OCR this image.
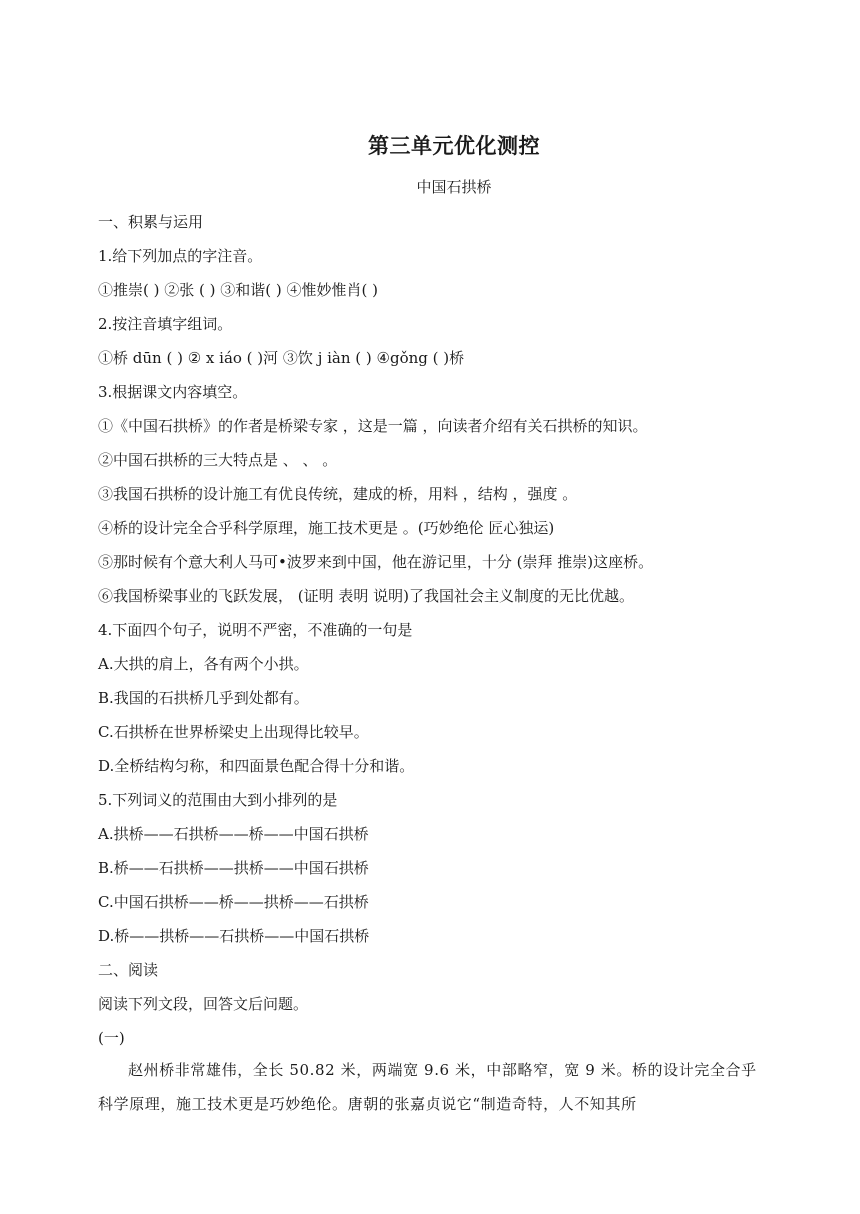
第三单元优化测控

中国石拱桥

一、积累与运用

1.给下列加点的字注音。

①推崇( ) ②张 ( ) ③和谐( ) ④惟妙惟肖( )

2.按注音填字组词。

①桥 dūn ( ) ② x iáo ( )河 ③饮 j iàn ( ) ④gǒng ( )桥

3.根据课文内容填空。

①《中国石拱桥》的作者是桥梁专家 ，这是一篇 ，向读者介绍有关石拱桥的知识。

②中国石拱桥的三大特点是 、 、 。

③我国石拱桥的设计施工有优良传统，建成的桥，用料 ，结构 ，强度 。

④桥的设计完全合乎科学原理，施工技术更是 。(巧妙绝伦 匠心独运)

⑤那时候有个意大利人马可•波罗来到中国，他在游记里，十分 (崇拜 推崇)这座桥。

⑥我国桥梁事业的飞跃发展， (证明 表明 说明)了我国社会主义制度的无比优越。

4.下面四个句子，说明不严密，不准确的一句是

A.大拱的肩上，各有两个小拱。

B.我国的石拱桥几乎到处都有。

C.石拱桥在世界桥梁史上出现得比较早。

D.全桥结构匀称，和四面景色配合得十分和谐。

5.下列词义的范围由大到小排列的是

A.拱桥——石拱桥——桥——中国石拱桥

B.桥——石拱桥——拱桥——中国石拱桥

C.中国石拱桥——桥——拱桥——石拱桥

D.桥——拱桥——石拱桥——中国石拱桥

二、阅读

阅读下列文段，回答文后问题。

(一)

赵州桥非常雄伟，全长 50.82 米，两端宽 9.6 米，中部略窄，宽 9 米。桥的设计完全合乎科学原理，施工技术更是巧妙绝伦。唐朝的张嘉贞说它“制造奇特，人不知其所
